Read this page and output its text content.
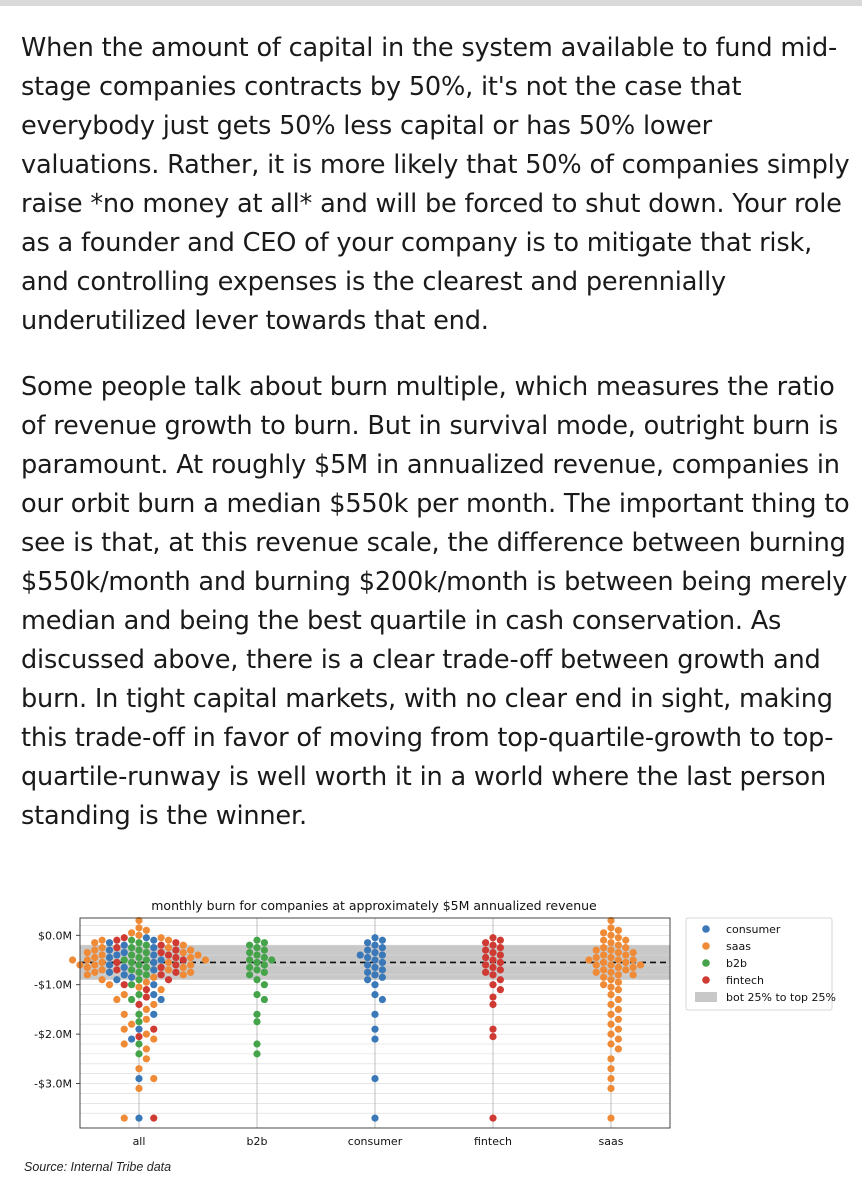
When the amount of capital in the system available to fund mid-stage companies contracts by 50%, it's not the case that everybody just gets 50% less capital or has 50% lower valuations. Rather, it is more likely that 50% of companies simply raise *no money at all* and will be forced to shut down. Your role as a founder and CEO of your company is to mitigate that risk, and controlling expenses is the clearest and perennially underutilized lever towards that end.

Some people talk about burn multiple, which measures the ratio of revenue growth to burn. But in survival mode, outright burn is paramount. At roughly $5M in annualized revenue, companies in our orbit burn a median $550k per month. The important thing to see is that, at this revenue scale, the difference between burning $550k/month and burning $200k/month is between being merely median and being the best quartile in cash conservation. As discussed above, there is a clear trade-off between growth and burn. In tight capital markets, with no clear end in sight, making this trade-off in favor of moving from top-quartile-growth to top-quartile-runway is well worth it in a world where the last person standing is the winner.

monthly burn for companies at approximately $5M annualized revenue
$0.0M
-$1.0M
-$2.0M
-$3.0M
all	b2b	consumer	fintech	saas
consumer
saas
b2b
fintech
bot 25% to top 25%
Source: Internal Tribe data
